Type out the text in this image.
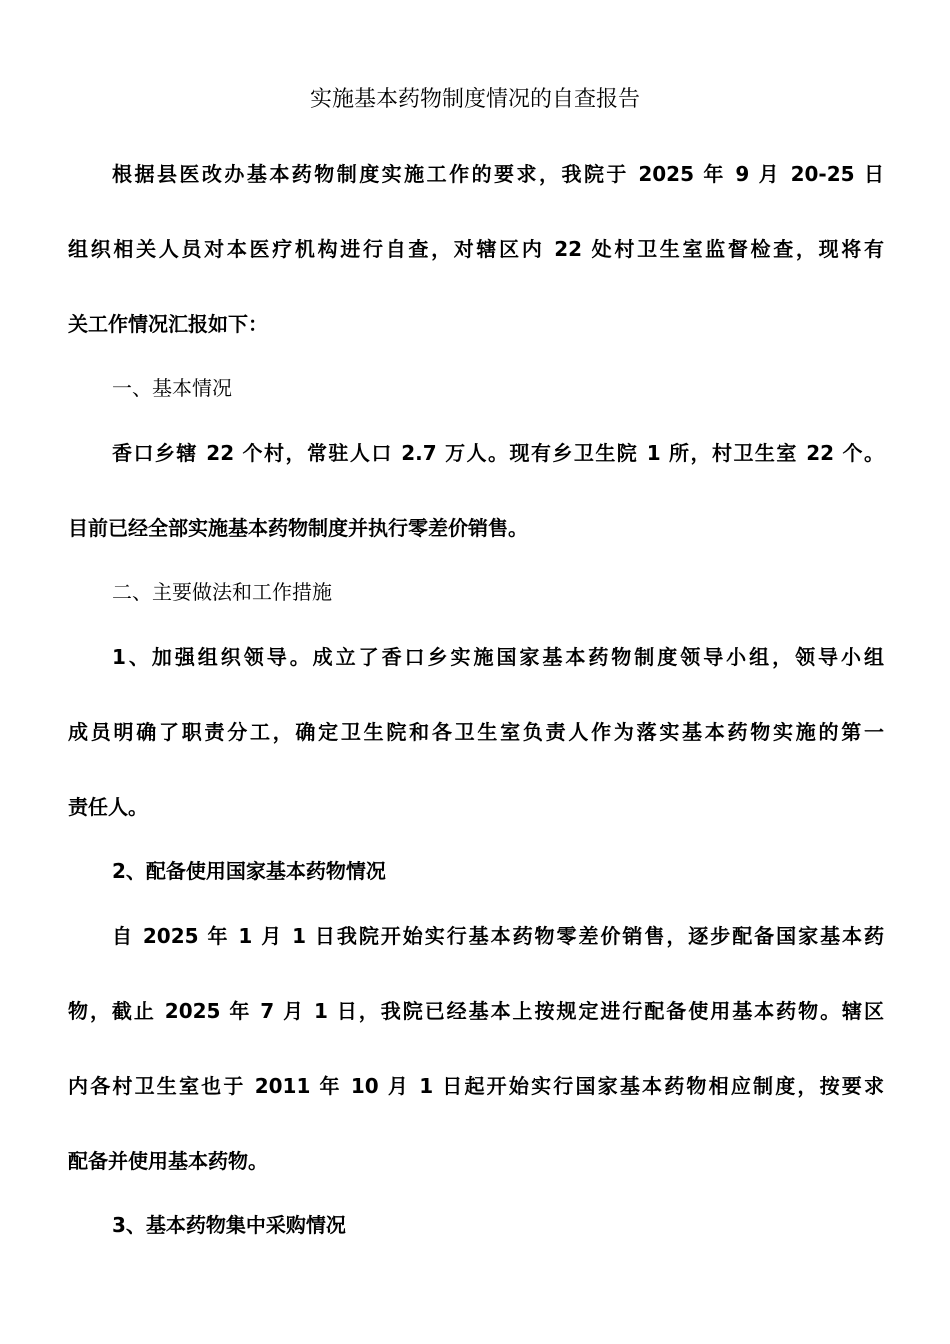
实施基本药物制度情况的自查报告
根据县医改办基本药物制度实施工作的要求，我院于 2025 年 9 月 20-25 日
组织相关人员对本医疗机构进行自查，对辖区内 22 处村卫生室监督检查，现将有
关工作情况汇报如下：
一、基本情况
香口乡辖 22 个村，常驻人口 2.7 万人。现有乡卫生院 1 所，村卫生室 22 个。
目前已经全部实施基本药物制度并执行零差价销售。
二、主要做法和工作措施
1、加强组织领导。成立了香口乡实施国家基本药物制度领导小组，领导小组
成员明确了职责分工，确定卫生院和各卫生室负责人作为落实基本药物实施的第一
责任人。
2、配备使用国家基本药物情况
自 2025 年 1 月 1 日我院开始实行基本药物零差价销售，逐步配备国家基本药
物，截止 2025 年 7 月 1 日，我院已经基本上按规定进行配备使用基本药物。辖区
内各村卫生室也于 2011 年 10 月 1 日起开始实行国家基本药物相应制度，按要求
配备并使用基本药物。
3、基本药物集中采购情况
